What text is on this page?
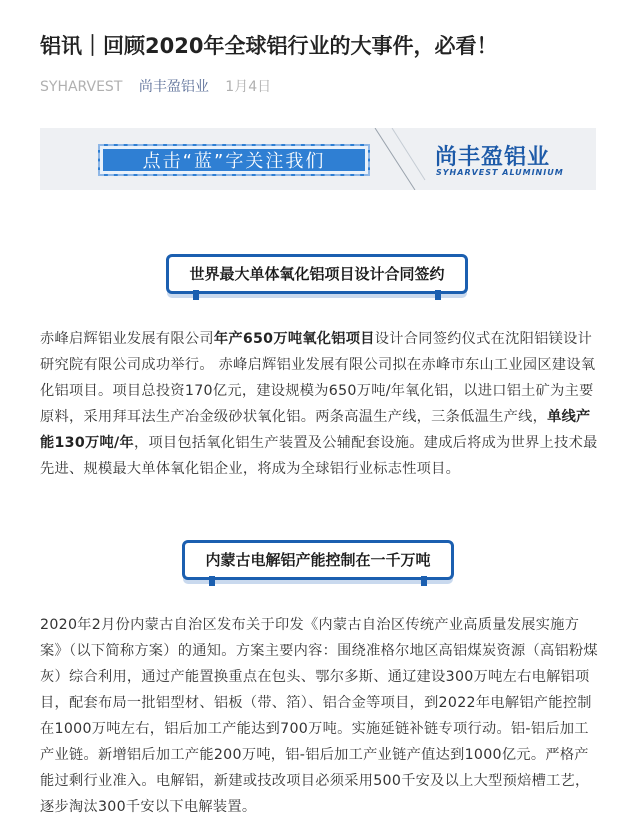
铝讯｜回顾2020年全球铝行业的大事件，必看！
SYHARVEST 尚丰盈铝业 1月4日
点击“蓝”字关注我们	尚丰盈铝业
SYHARVEST ALUMINIUM
世界最大单体氧化铝项目设计合同签约

赤峰启辉铝业发展有限公司年产650万吨氧化铝项目设计合同签约仪式在沈阳铝镁设计研究院有限公司成功举行。 赤峰启辉铝业发展有限公司拟在赤峰市东山工业园区建设氧化铝项目。项目总投资170亿元，建设规模为650万吨/年氧化铝，以进口铝土矿为主要原料，采用拜耳法生产冶金级砂状氧化铝。两条高温生产线，三条低温生产线，单线产能130万吨/年，项目包括氧化铝生产装置及公辅配套设施。建成后将成为世界上技术最先进、规模最大单体氧化铝企业，将成为全球铝行业标志性项目。

内蒙古电解铝产能控制在一千万吨

2020年2月份内蒙古自治区发布关于印发《内蒙古自治区传统产业高质量发展实施方案》（以下简称方案）的通知。方案主要内容：围绕准格尔地区高铝煤炭资源（高铝粉煤灰）综合利用，通过产能置换重点在包头、鄂尔多斯、通辽建设300万吨左右电解铝项目，配套布局一批铝型材、铝板（带、箔）、铝合金等项目，到2022年电解铝产能控制在1000万吨左右，铝后加工产能达到700万吨。实施延链补链专项行动。铝-铝后加工产业链。新增铝后加工产能200万吨，铝-铝后加工产业链产值达到1000亿元。严格产能过剩行业准入。电解铝，新建或技改项目必须采用500千安及以上大型预焙槽工艺，逐步淘汰300千安以下电解装置。
